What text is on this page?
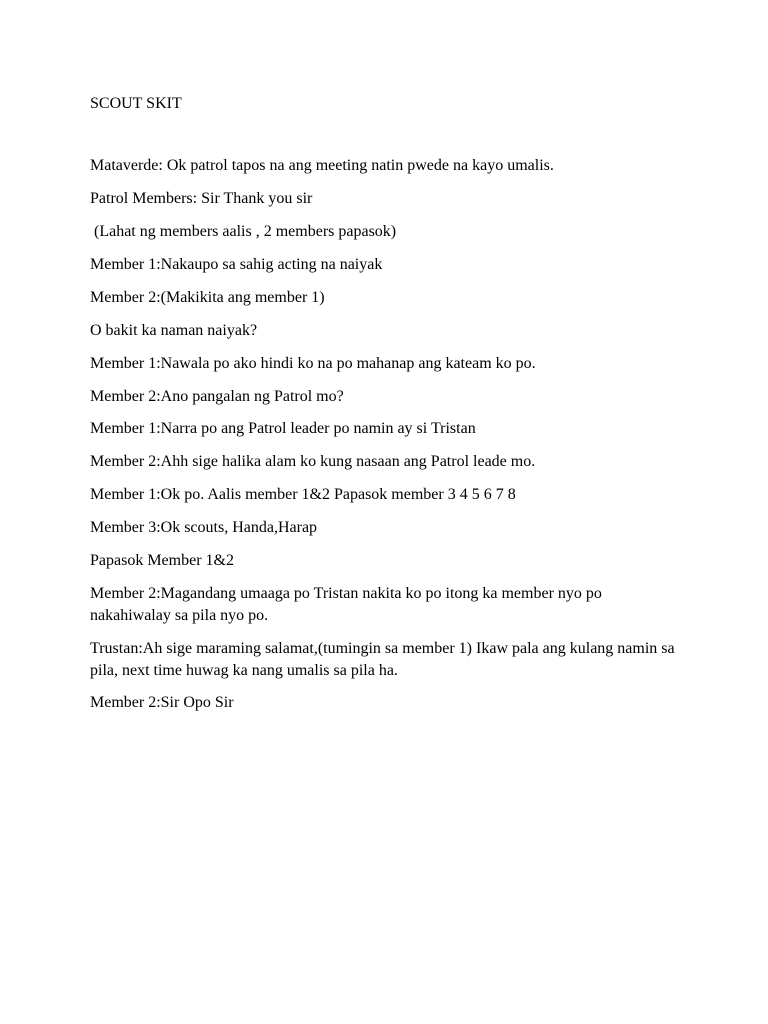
SCOUT SKIT

Mataverde: Ok patrol tapos na ang meeting natin pwede na kayo umalis.

Patrol Members: Sir Thank you sir

(Lahat ng members aalis , 2 members papasok)

Member 1:Nakaupo sa sahig acting na naiyak

Member 2:(Makikita ang member 1)

O bakit ka naman naiyak?

Member 1:Nawala po ako hindi ko na po mahanap ang kateam ko po.

Member 2:Ano pangalan ng Patrol mo?

Member 1:Narra po ang Patrol leader po namin ay si Tristan

Member 2:Ahh sige halika alam ko kung nasaan ang Patrol leade mo.

Member 1:Ok po. Aalis member 1&2 Papasok member 3 4 5 6 7 8

Member 3:Ok scouts, Handa,Harap

Papasok Member 1&2

Member 2:Magandang umaaga po Tristan nakita ko po itong ka member nyo po nakahiwalay sa pila nyo po.

Trustan:Ah sige maraming salamat,(tumingin sa member 1) Ikaw pala ang kulang namin sa pila, next time huwag ka nang umalis sa pila ha.

Member 2:Sir Opo Sir
